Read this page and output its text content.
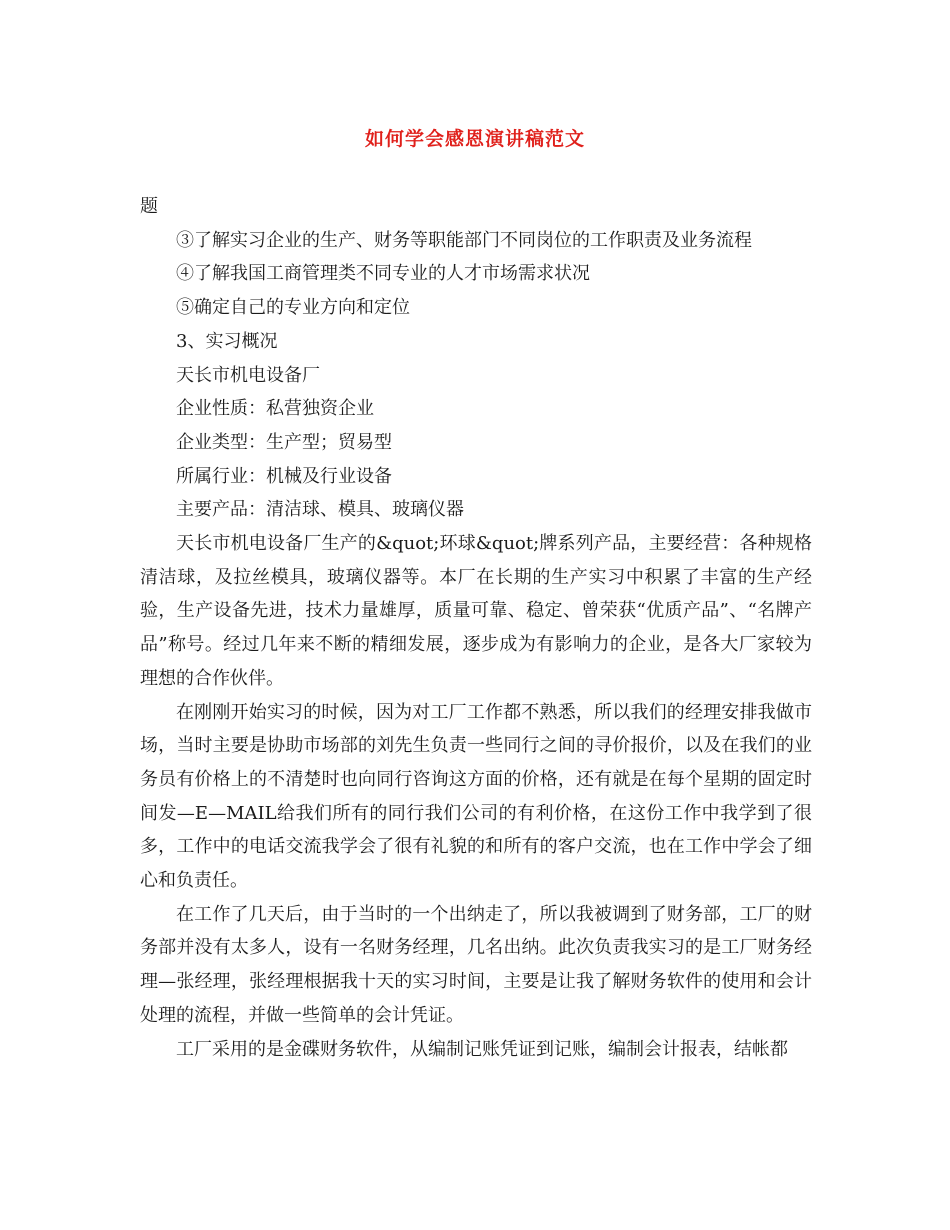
如何学会感恩演讲稿范文

题

③了解实习企业的生产、财务等职能部门不同岗位的工作职责及业务流程

④了解我国工商管理类不同专业的人才市场需求状况

⑤确定自己的专业方向和定位

3、实习概况

天长市机电设备厂

企业性质：私营独资企业

企业类型：生产型；贸易型

所属行业：机械及行业设备

主要产品：清洁球、模具、玻璃仪器

天长市机电设备厂生产的&quot;环球&quot;牌系列产品，主要经营：各种规格清洁球，及拉丝模具，玻璃仪器等。本厂在长期的生产实习中积累了丰富的生产经验，生产设备先进，技术力量雄厚，质量可靠、稳定、曾荣获“优质产品”、“名牌产品”称号。经过几年来不断的精细发展，逐步成为有影响力的企业，是各大厂家较为理想的合作伙伴。

在刚刚开始实习的时候，因为对工厂工作都不熟悉，所以我们的经理安排我做市场，当时主要是协助市场部的刘先生负责一些同行之间的寻价报价，以及在我们的业务员有价格上的不清楚时也向同行咨询这方面的价格，还有就是在每个星期的固定时间发—E—MAIL给我们所有的同行我们公司的有利价格，在这份工作中我学到了很多，工作中的电话交流我学会了很有礼貌的和所有的客户交流，也在工作中学会了细心和负责任。

在工作了几天后，由于当时的一个出纳走了，所以我被调到了财务部，工厂的财务部并没有太多人，设有一名财务经理，几名出纳。此次负责我实习的是工厂财务经理—张经理，张经理根据我十天的实习时间，主要是让我了解财务软件的使用和会计处理的流程，并做一些简单的会计凭证。

工厂采用的是金碟财务软件，从编制记账凭证到记账，编制会计报表，结帐都
